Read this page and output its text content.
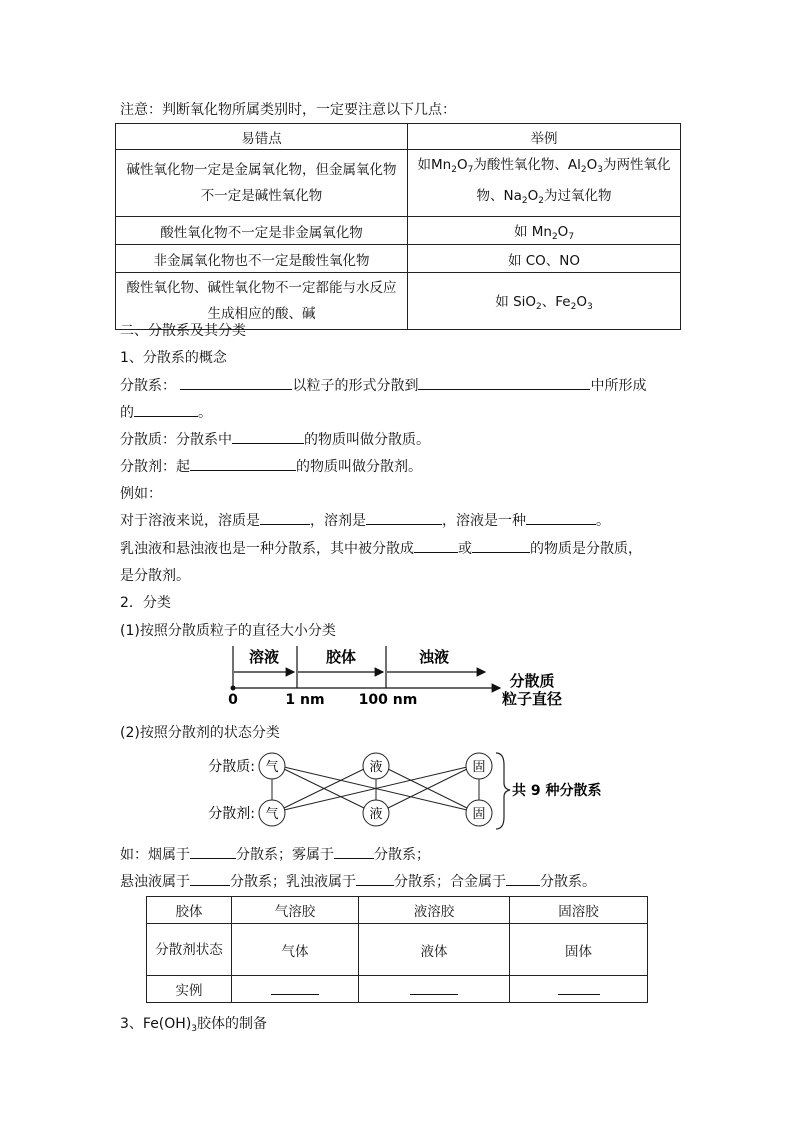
注意：判断氧化物所属类别时，一定要注意以下几点：
易错点	举例
碱性氧化物一定是金属氧化物，但金属氧化物不一定是碱性氧化物	如$Mn_2O_7$为酸性氧化物、$Al_2O_3$为两性氧化物、$Na_2O_2$为过氧化物
酸性氧化物不一定是非金属氧化物	如 $Mn_2O_7$
非金属氧化物也不一定是酸性氧化物	如 CO、NO
酸性氧化物、碱性氧化物不一定都能与水反应生成相应的酸、碱	如 SiO$_2$、$Fe_2O_3$
二、分散系及其分类
1、分散系的概念
分散系：	以粒子的形式分散到	中所形成
的	。
分散质：分散系中	的物质叫做分散质。
分散剂：起	的物质叫做分散剂。
例如：
对于溶液来说，溶质是	，溶剂是	，溶液是一种	。
乳浊液和悬浊液也是一种分散系，其中被分散成	或	的物质是分散质，
是分散剂。
2．分类
(1)按照分散质粒子的直径大小分类
溶液	胶体	浊液
0	1 nm 100 nm
分散质
粒子直径
(2)按照分散剂的状态分类
分散质:
分散剂:
气	液	固
气	液	固
共 9 种分散系
如：烟属于	分散系；雾属于	分散系；
悬浊液属于	分散系；乳浊液属于	分散系；合金属于 分散系。
胶体	气溶胶	液溶胶	固溶胶
分散剂状态	气体	液体	固体
实例			
3、$Fe(OH)_3$胶体的制备
